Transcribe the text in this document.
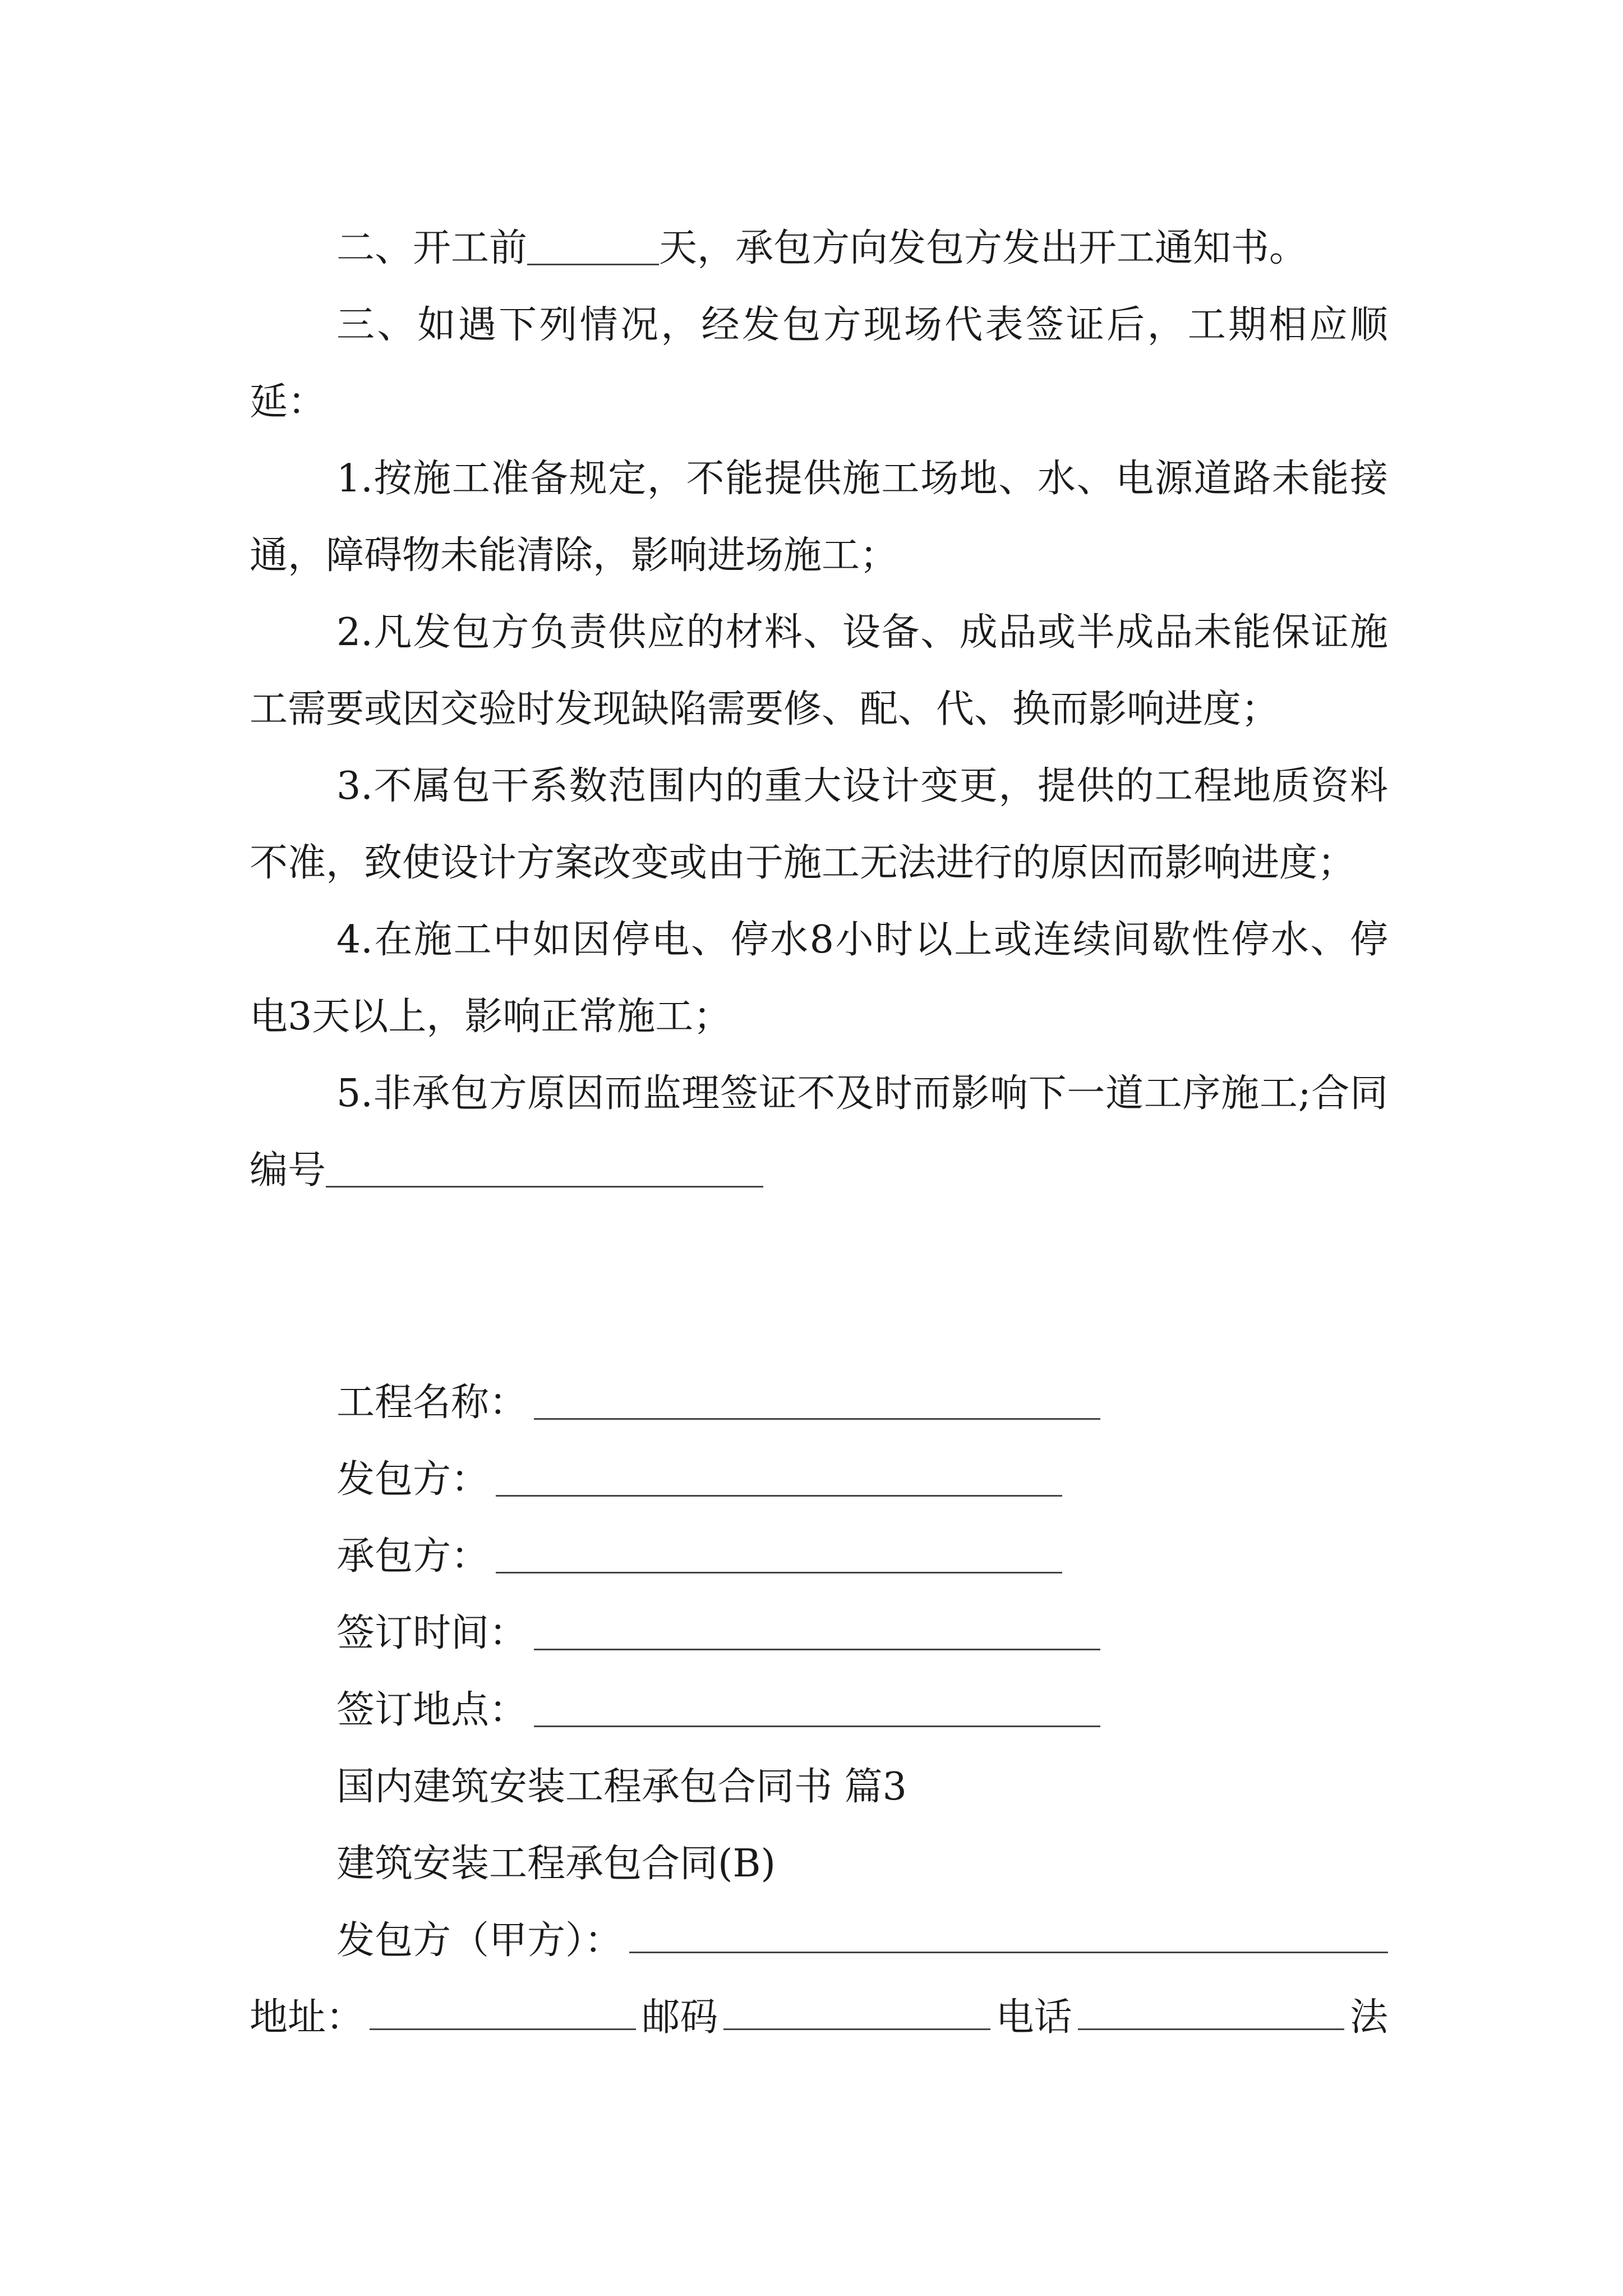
二、开工前	天，承包方向发包方发出开工通知书。

三、如遇下列情况，经发包方现场代表签证后，工期相应顺延：

1.按施工准备规定，不能提供施工场地、水、电源道路未能接通，障碍物未能清除，影响进场施工；

2.凡发包方负责供应的材料、设备、成品或半成品未能保证施工需要或因交验时发现缺陷需要修、配、代、换而影响进度；

3.不属包干系数范围内的重大设计变更，提供的工程地质资料不准，致使设计方案改变或由于施工无法进行的原因而影响进度；

4.在施工中如因停电、停水8小时以上或连续间歇性停水、停电3天以上，影响正常施工；

5.非承包方原因而监理签证不及时而影响下一道工序施工;合同编号

工程名称：

发包方：

承包方：

签订时间：

签订地点：

国内建筑安装工程承包合同书 篇3

建筑安装工程承包合同(B)

发包方（甲方）：

地址：	邮码	电话	法
